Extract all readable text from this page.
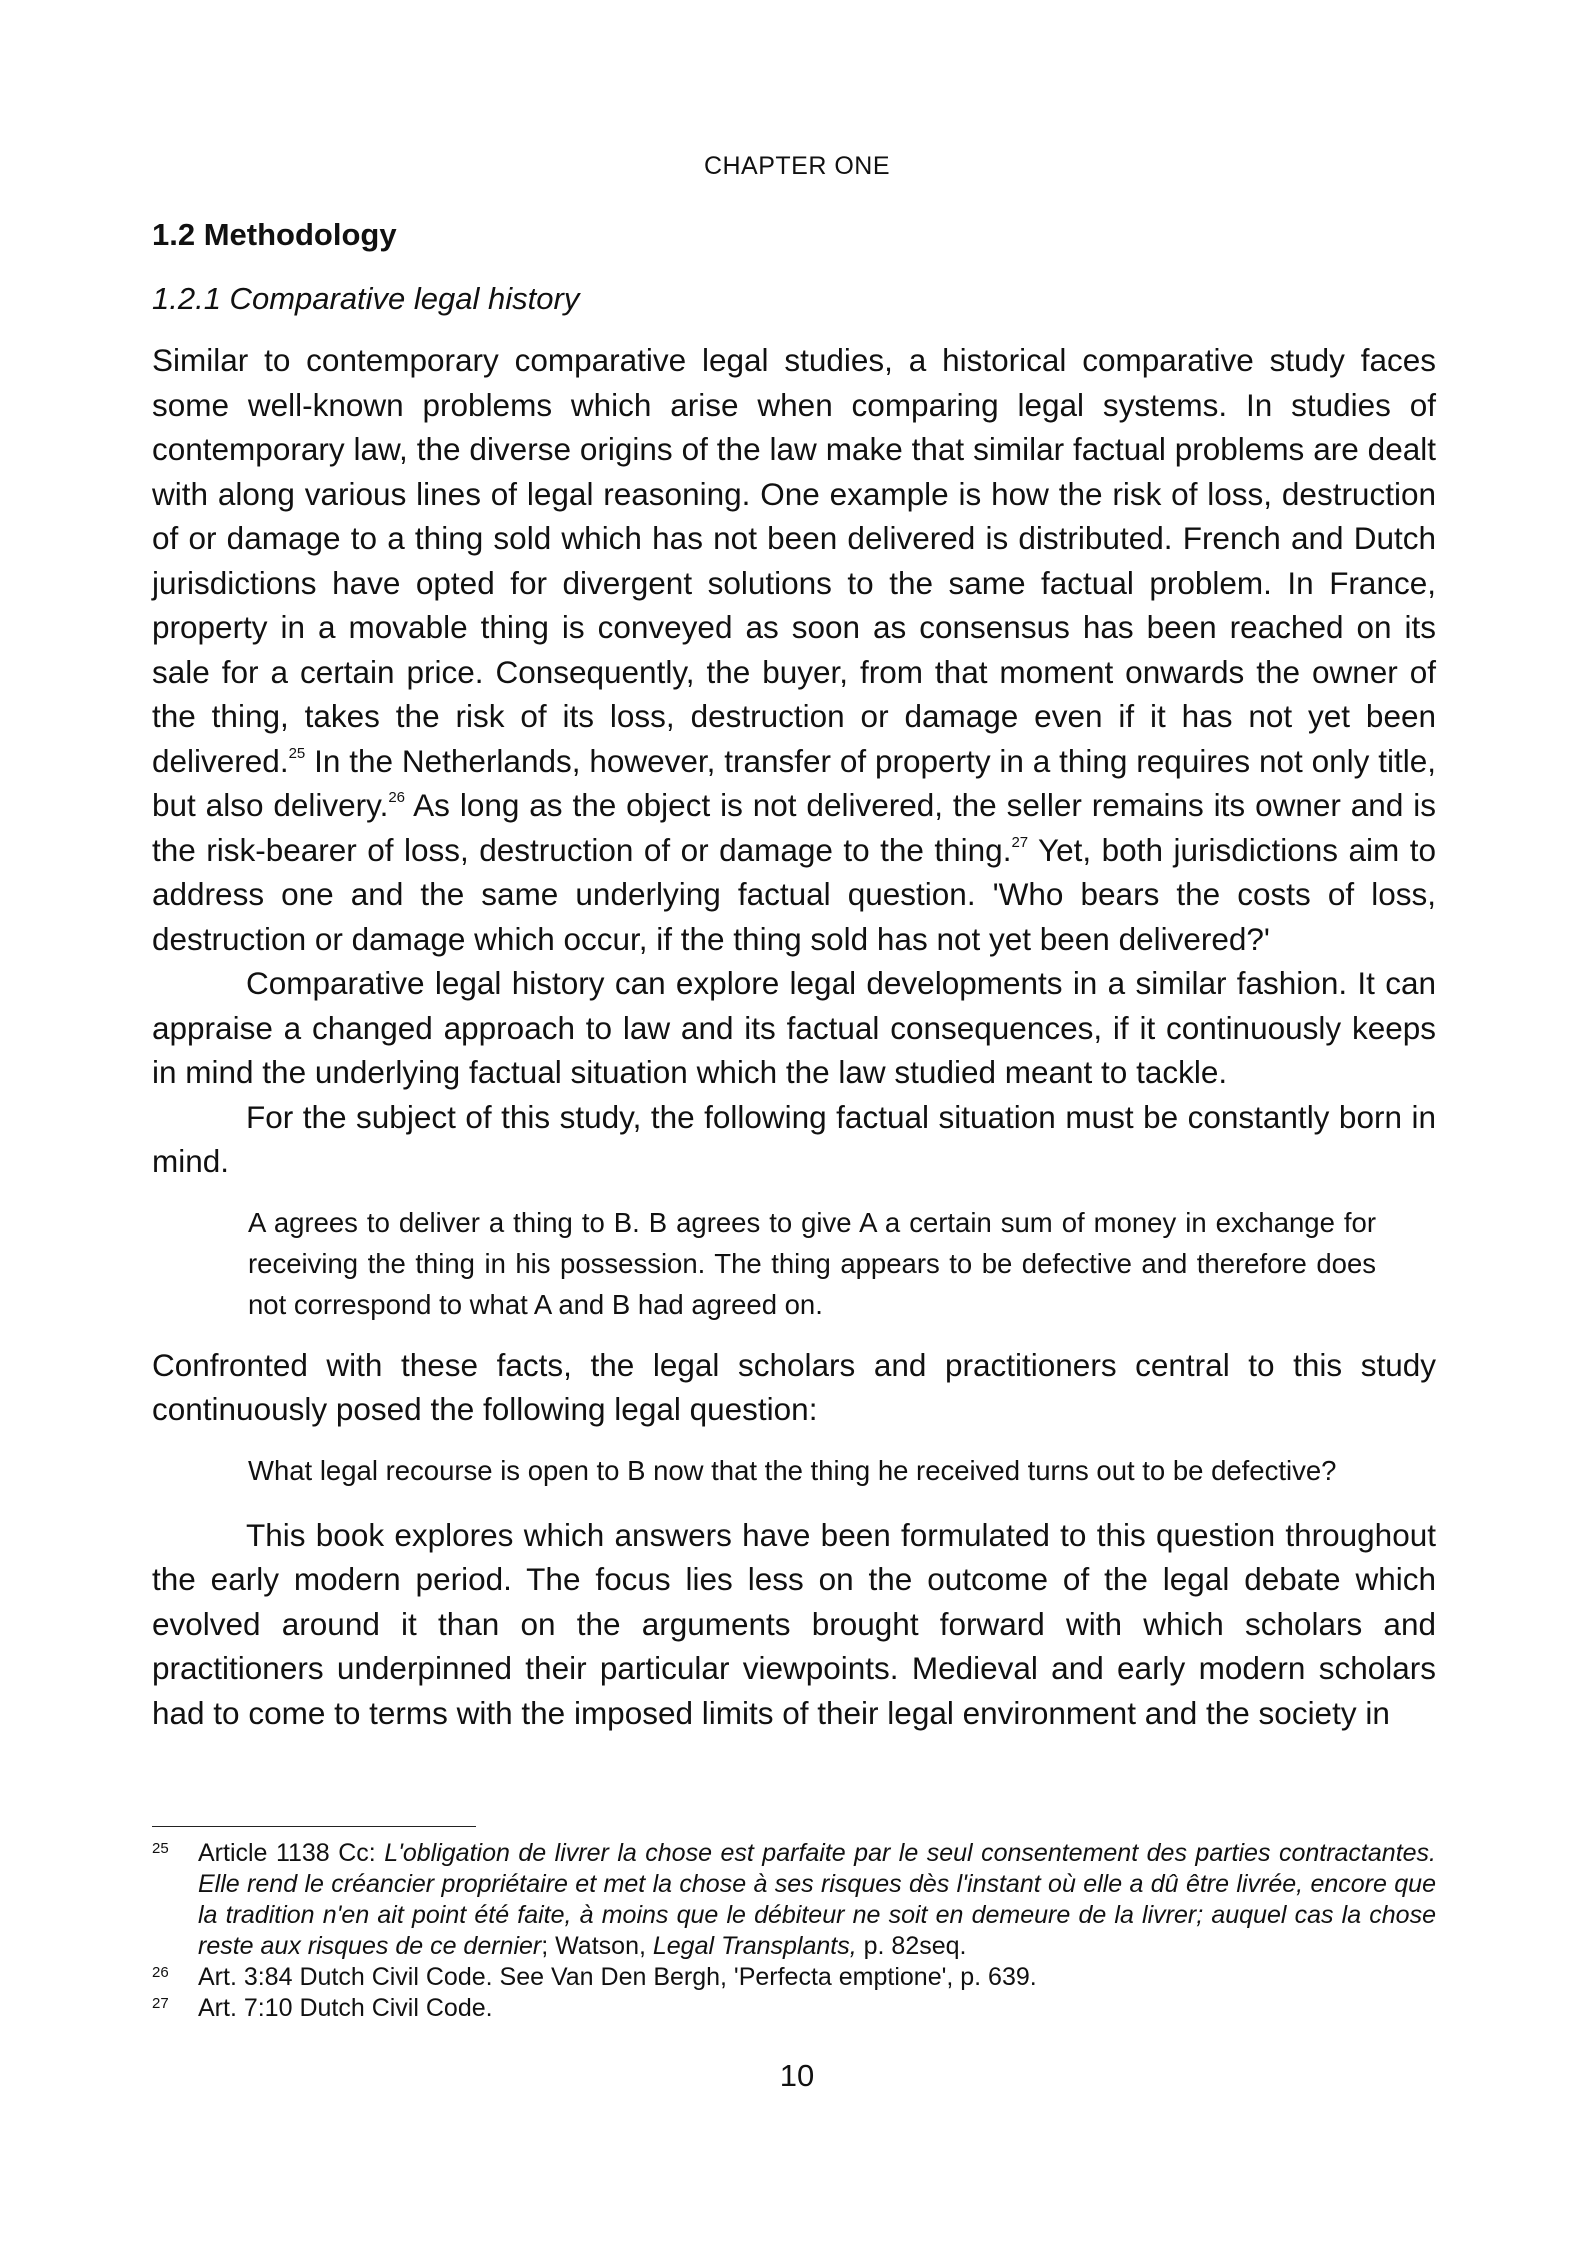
CHAPTER ONE
1.2 Methodology
1.2.1 Comparative legal history

Similar to contemporary comparative legal studies, a historical comparative study faces some well-known problems which arise when comparing legal systems. In studies of contemporary law, the diverse origins of the law make that similar factual problems are dealt with along various lines of legal reasoning. One example is how the risk of loss, destruction of or damage to a thing sold which has not been delivered is distributed. French and Dutch jurisdictions have opted for divergent solutions to the same factual problem. In France, property in a movable thing is conveyed as soon as consensus has been reached on its sale for a certain price. Consequently, the buyer, from that moment onwards the owner of the thing, takes the risk of its loss, destruction or damage even if it has not yet been delivered.$^{25}$ In the Netherlands, however, transfer of property in a thing requires not only title, but also delivery.$^{26}$ As long as the object is not delivered, the seller remains its owner and is the risk-bearer of loss, destruction of or damage to the thing.$^{27}$ Yet, both jurisdictions aim to address one and the same underlying factual question. 'Who bears the costs of loss, destruction or damage which occur, if the thing sold has not yet been delivered?'

Comparative legal history can explore legal developments in a similar fashion. It can appraise a changed approach to law and its factual consequences, if it continuously keeps in mind the underlying factual situation which the law studied meant to tackle.

For the subject of this study, the following factual situation must be constantly born in mind.

A agrees to deliver a thing to B. B agrees to give A a certain sum of money in exchange for receiving the thing in his possession. The thing appears to be defective and therefore does not correspond to what A and B had agreed on.

Confronted with these facts, the legal scholars and practitioners central to this study continuously posed the following legal question:

What legal recourse is open to B now that the thing he received turns out to be defective?

This book explores which answers have been formulated to this question throughout the early modern period. The focus lies less on the outcome of the legal debate which evolved around it than on the arguments brought forward with which scholars and practitioners underpinned their particular viewpoints. Medieval and early modern scholars had to come to terms with the imposed limits of their legal environment and the society in

25	Article 1138 Cc: L'obligation de livrer la chose est parfaite par le seul consentement des parties contractantes. Elle rend le créancier propriétaire et met la chose à ses risques dès l'instant où elle a dû être livrée, encore que la tradition n'en ait point été faite, à moins que le débiteur ne soit en demeure de la livrer; auquel cas la chose reste aux risques de ce dernier; Watson, Legal Transplants, p. 82seq.
26	Art. 3:84 Dutch Civil Code. See Van Den Bergh, 'Perfecta emptione', p. 639.
27	Art. 7:10 Dutch Civil Code.
10
